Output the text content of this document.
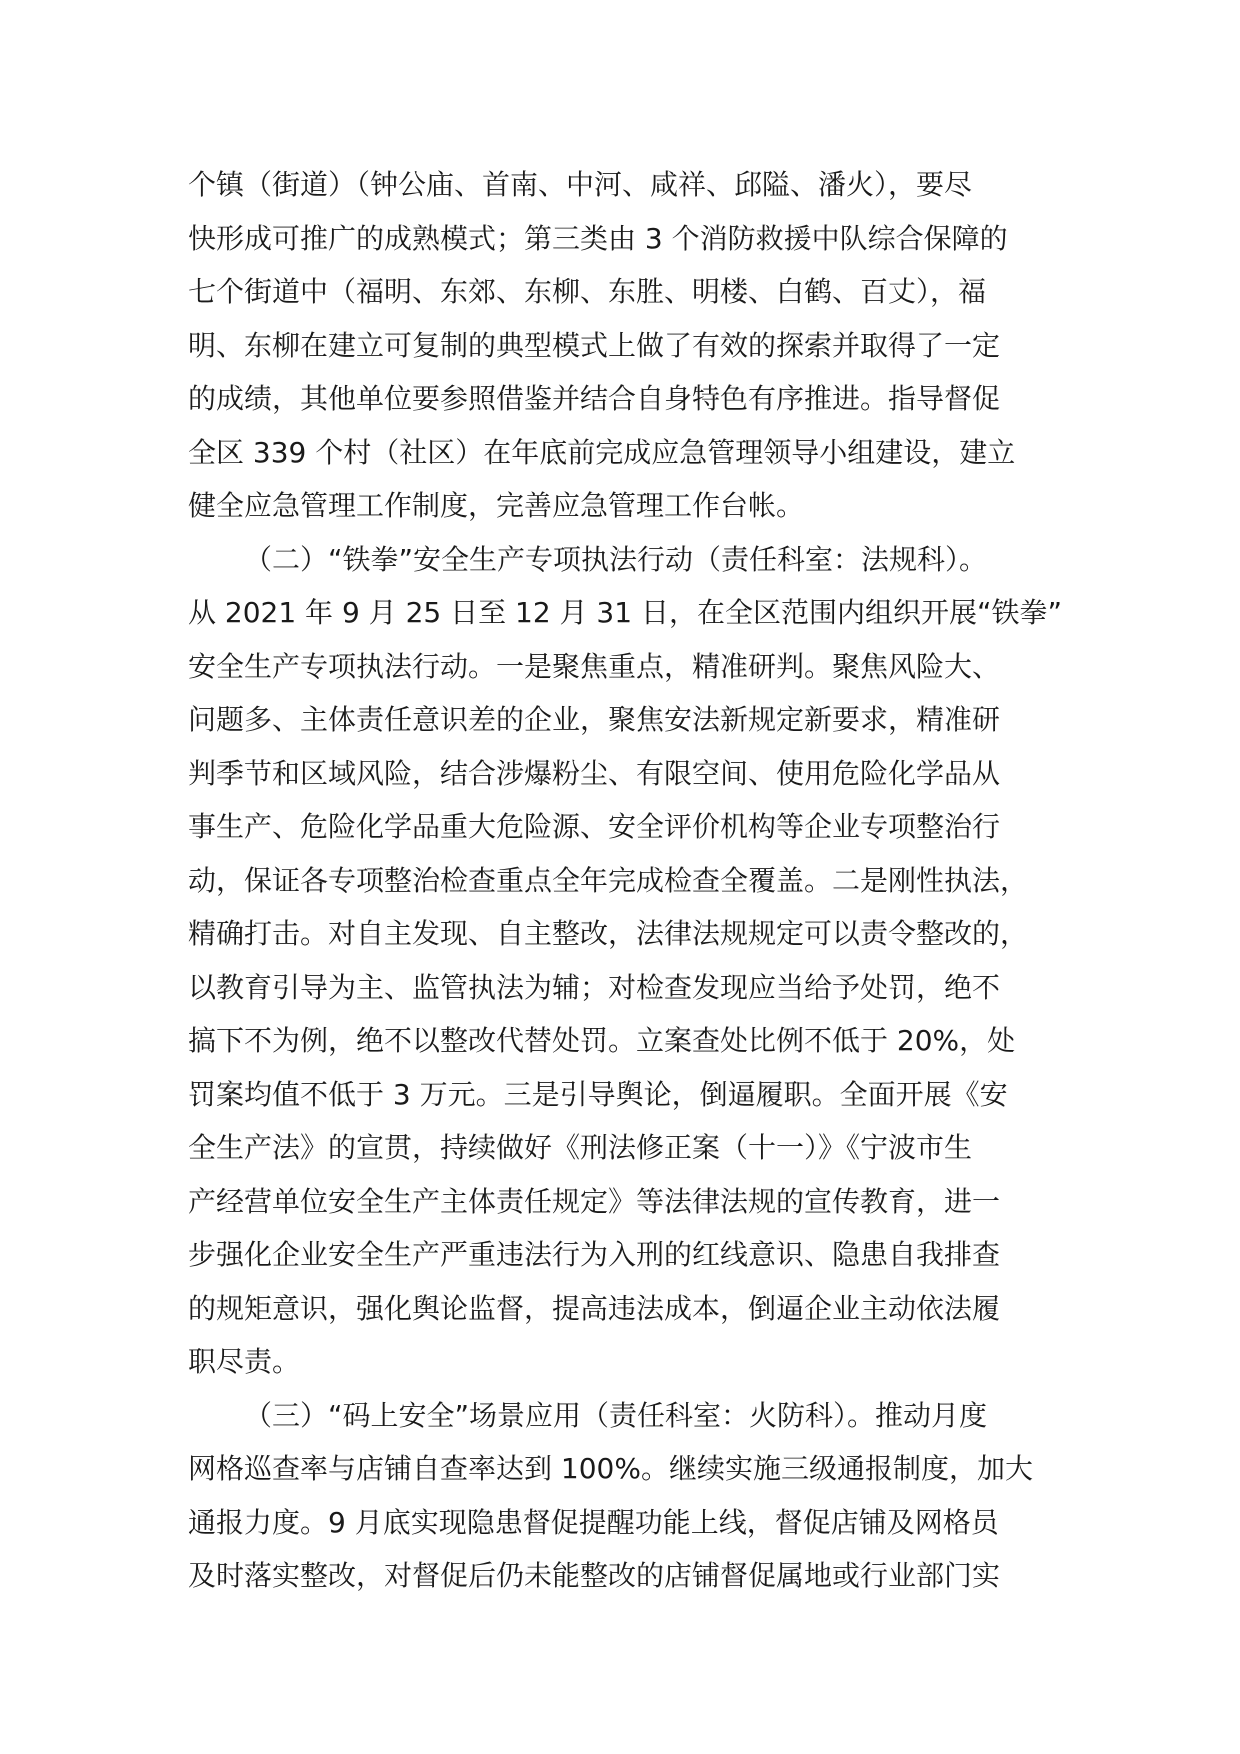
个镇（街道）（钟公庙、首南、中河、咸祥、邱隘、潘火），要尽
快形成可推广的成熟模式；第三类由 3 个消防救援中队综合保障的
七个街道中（福明、东郊、东柳、东胜、明楼、白鹤、百丈），福
明、东柳在建立可复制的典型模式上做了有效的探索并取得了一定
的成绩，其他单位要参照借鉴并结合自身特色有序推进。指导督促
全区 339 个村（社区）在年底前完成应急管理领导小组建设，建立
健全应急管理工作制度，完善应急管理工作台帐。
（二）“铁拳”安全生产专项执法行动（责任科室：法规科）。
从 2021 年 9 月 25 日至 12 月 31 日，在全区范围内组织开展“铁拳”
安全生产专项执法行动。一是聚焦重点，精准研判。聚焦风险大、
问题多、主体责任意识差的企业，聚焦安法新规定新要求，精准研
判季节和区域风险，结合涉爆粉尘、有限空间、使用危险化学品从
事生产、危险化学品重大危险源、安全评价机构等企业专项整治行
动，保证各专项整治检查重点全年完成检查全覆盖。二是刚性执法，
精确打击。对自主发现、自主整改，法律法规规定可以责令整改的，
以教育引导为主、监管执法为辅；对检查发现应当给予处罚，绝不
搞下不为例，绝不以整改代替处罚。立案查处比例不低于 20%，处
罚案均值不低于 3 万元。三是引导舆论，倒逼履职。全面开展《安
全生产法》的宣贯，持续做好《刑法修正案（十一）》《宁波市生
产经营单位安全生产主体责任规定》等法律法规的宣传教育，进一
步强化企业安全生产严重违法行为入刑的红线意识、隐患自我排查
的规矩意识，强化舆论监督，提高违法成本，倒逼企业主动依法履
职尽责。
（三）“码上安全”场景应用（责任科室：火防科）。推动月度
网格巡查率与店铺自查率达到 100%。继续实施三级通报制度，加大
通报力度。9 月底实现隐患督促提醒功能上线，督促店铺及网格员
及时落实整改，对督促后仍未能整改的店铺督促属地或行业部门实
